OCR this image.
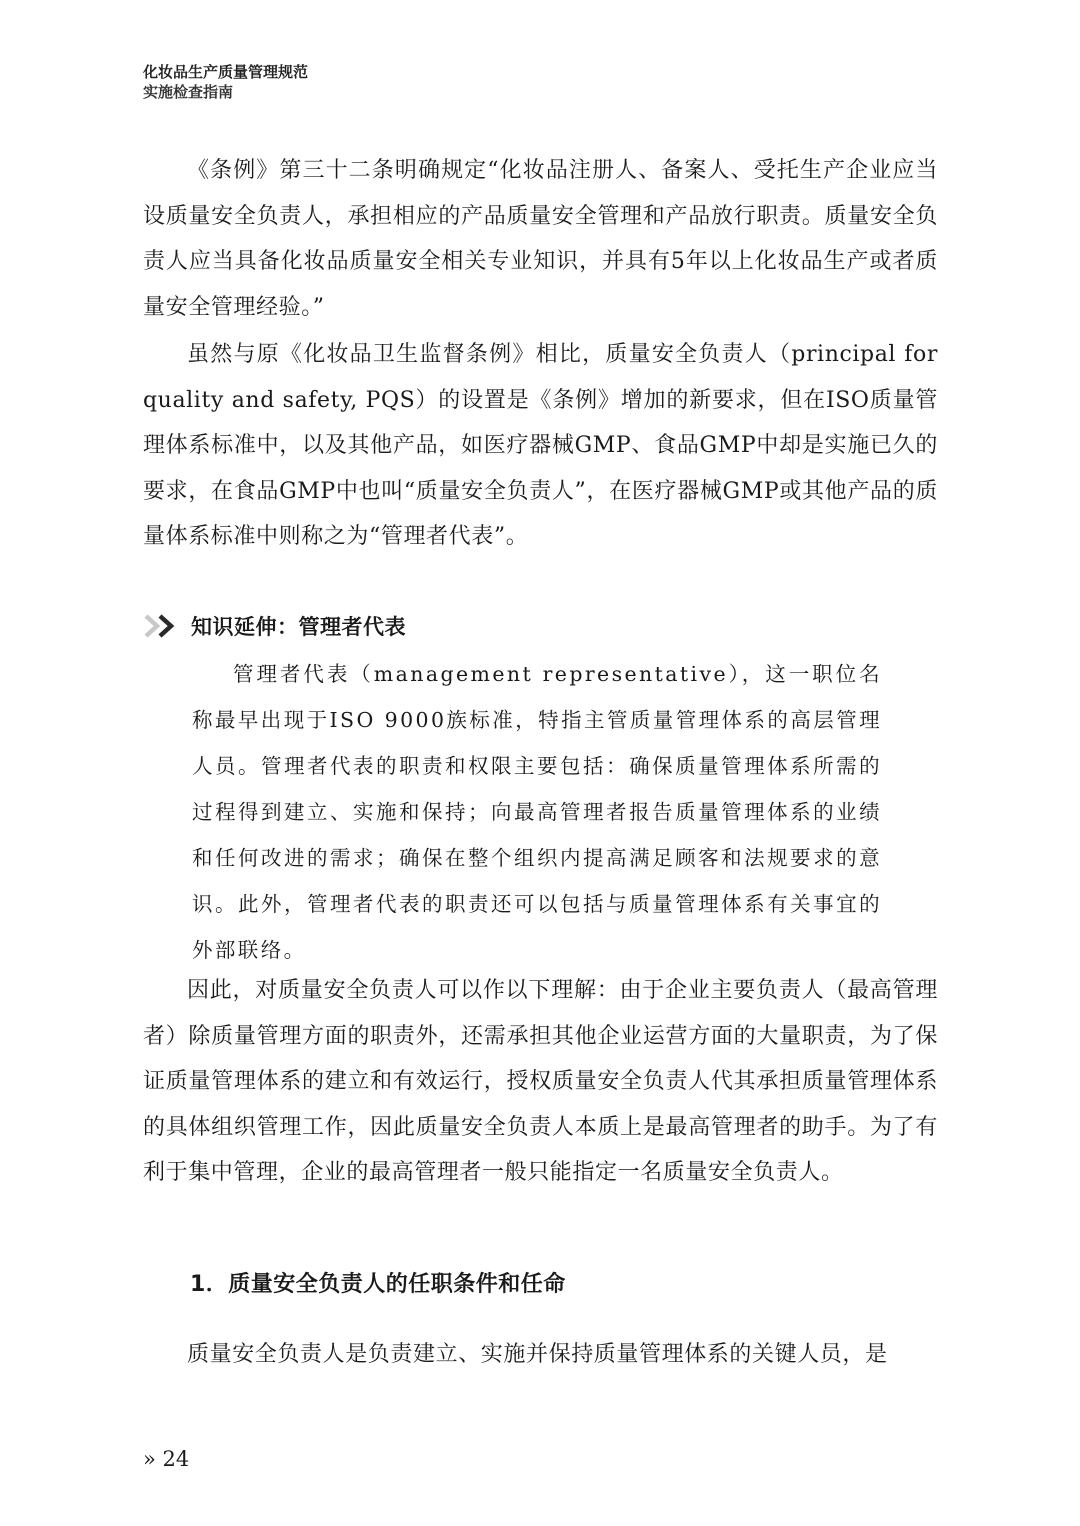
化妆品生产质量管理规范
实施检查指南

《条例》第三十二条明确规定“化妆品注册人、备案人、受托生产企业应当设质量安全负责人，承担相应的产品质量安全管理和产品放行职责。质量安全负责人应当具备化妆品质量安全相关专业知识，并具有5年以上化妆品生产或者质量安全管理经验。”

虽然与原《化妆品卫生监督条例》相比，质量安全负责人（principal for quality and safety, PQS）的设置是《条例》增加的新要求，但在ISO质量管理体系标准中，以及其他产品，如医疗器械GMP、食品GMP中却是实施已久的要求，在食品GMP中也叫“质量安全负责人”，在医疗器械GMP或其他产品的质量体系标准中则称之为“管理者代表”。

知识延伸：管理者代表

管理者代表（management representative），这一职位名称最早出现于ISO 9000族标准，特指主管质量管理体系的高层管理人员。管理者代表的职责和权限主要包括：确保质量管理体系所需的过程得到建立、实施和保持；向最高管理者报告质量管理体系的业绩和任何改进的需求；确保在整个组织内提高满足顾客和法规要求的意识。此外，管理者代表的职责还可以包括与质量管理体系有关事宜的外部联络。

因此，对质量安全负责人可以作以下理解：由于企业主要负责人（最高管理者）除质量管理方面的职责外，还需承担其他企业运营方面的大量职责，为了保证质量管理体系的建立和有效运行，授权质量安全负责人代其承担质量管理体系的具体组织管理工作，因此质量安全负责人本质上是最高管理者的助手。为了有利于集中管理，企业的最高管理者一般只能指定一名质量安全负责人。

1．质量安全负责人的任职条件和任命

质量安全负责人是负责建立、实施并保持质量管理体系的关键人员，是

» 24
